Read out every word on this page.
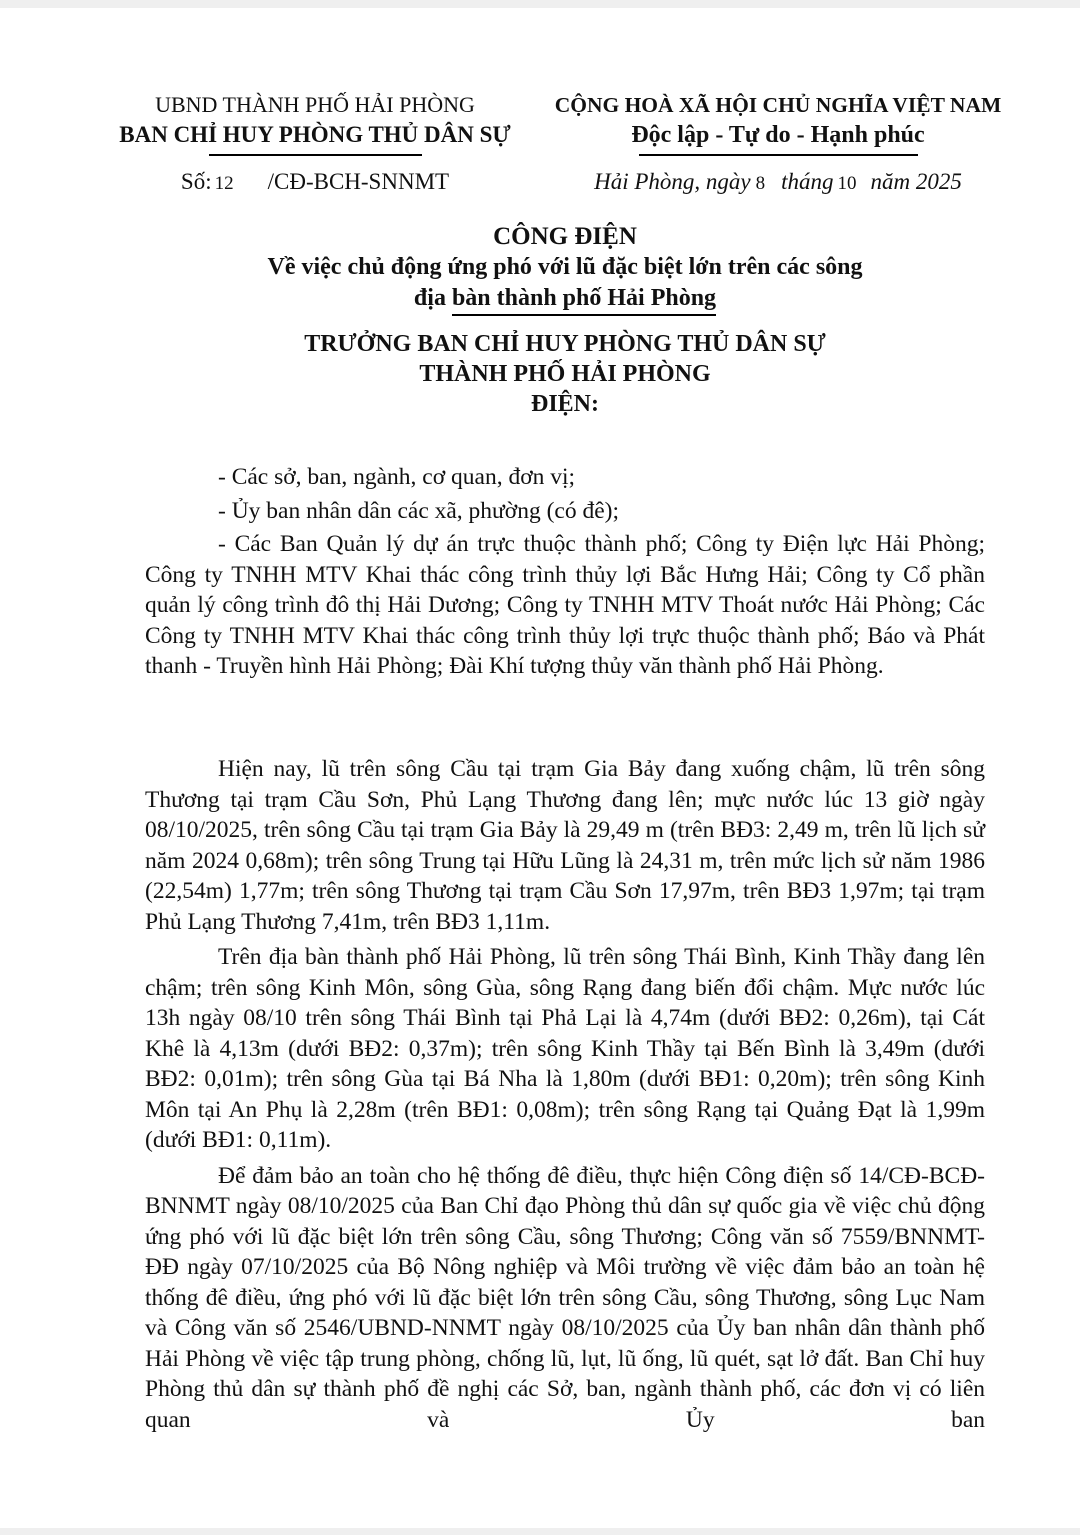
UBND THÀNH PHỐ HẢI PHÒNG
BAN CHỈ HUY PHÒNG THỦ DÂN SỰ
Số: 12 /CĐ-BCH-SNNMT
CỘNG HOÀ XÃ HỘI CHỦ NGHĨA VIỆT NAM
Độc lập - Tự do - Hạnh phúc
Hải Phòng, ngày 8 tháng 10 năm 2025
CÔNG ĐIỆN
Về việc chủ động ứng phó với lũ đặc biệt lớn trên các sông
địa bàn thành phố Hải Phòng
TRƯỞNG BAN CHỈ HUY PHÒNG THỦ DÂN SỰ
THÀNH PHỐ HẢI PHÒNG
ĐIỆN:

- Các sở, ban, ngành, cơ quan, đơn vị;

- Ủy ban nhân dân các xã, phường (có đê);

- Các Ban Quản lý dự án trực thuộc thành phố; Công ty Điện lực Hải Phòng; Công ty TNHH MTV Khai thác công trình thủy lợi Bắc Hưng Hải; Công ty Cổ phần quản lý công trình đô thị Hải Dương; Công ty TNHH MTV Thoát nước Hải Phòng; Các Công ty TNHH MTV Khai thác công trình thủy lợi trực thuộc thành phố; Báo và Phát thanh - Truyền hình Hải Phòng; Đài Khí tượng thủy văn thành phố Hải Phòng.

Hiện nay, lũ trên sông Cầu tại trạm Gia Bảy đang xuống chậm, lũ trên sông Thương tại trạm Cầu Sơn, Phủ Lạng Thương đang lên; mực nước lúc 13 giờ ngày 08/10/2025, trên sông Cầu tại trạm Gia Bảy là 29,49 m (trên BĐ3: 2,49 m, trên lũ lịch sử năm 2024 0,68m); trên sông Trung tại Hữu Lũng là 24,31 m, trên mức lịch sử năm 1986 (22,54m) 1,77m; trên sông Thương tại trạm Cầu Sơn 17,97m, trên BĐ3 1,97m; tại trạm Phủ Lạng Thương 7,41m, trên BĐ3 1,11m.

Trên địa bàn thành phố Hải Phòng, lũ trên sông Thái Bình, Kinh Thầy đang lên chậm; trên sông Kinh Môn, sông Gùa, sông Rạng đang biến đổi chậm. Mực nước lúc 13h ngày 08/10 trên sông Thái Bình tại Phả Lại là 4,74m (dưới BĐ2: 0,26m), tại Cát Khê là 4,13m (dưới BĐ2: 0,37m); trên sông Kinh Thầy tại Bến Bình là 3,49m (dưới BĐ2: 0,01m); trên sông Gùa tại Bá Nha là 1,80m (dưới BĐ1: 0,20m); trên sông Kinh Môn tại An Phụ là 2,28m (trên BĐ1: 0,08m); trên sông Rạng tại Quảng Đạt là 1,99m (dưới BĐ1: 0,11m).

Để đảm bảo an toàn cho hệ thống đê điều, thực hiện Công điện số 14/CĐ-BCĐ-BNNMT ngày 08/10/2025 của Ban Chỉ đạo Phòng thủ dân sự quốc gia về việc chủ động ứng phó với lũ đặc biệt lớn trên sông Cầu, sông Thương; Công văn số 7559/BNNMT-ĐĐ ngày 07/10/2025 của Bộ Nông nghiệp và Môi trường về việc đảm bảo an toàn hệ thống đê điều, ứng phó với lũ đặc biệt lớn trên sông Cầu, sông Thương, sông Lục Nam và Công văn số 2546/UBND-NNMT ngày 08/10/2025 của Ủy ban nhân dân thành phố Hải Phòng về việc tập trung phòng, chống lũ, lụt, lũ ống, lũ quét, sạt lở đất. Ban Chỉ huy Phòng thủ dân sự thành phố đề nghị các Sở, ban, ngành thành phố, các đơn vị có liên quan và Ủy ban
